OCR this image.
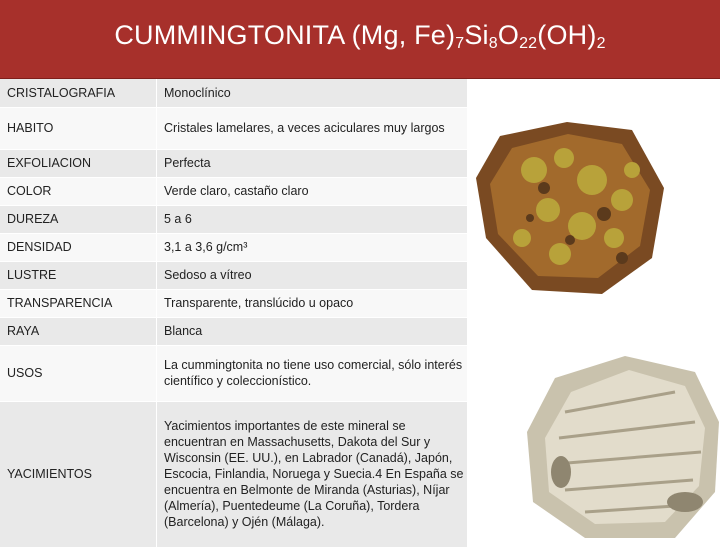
CUMMINGTONITA (Mg, Fe)7Si8O22(OH)2
CRISTALOGRAFIA	Monoclínico
HABITO	Cristales lamelares, a veces aciculares muy largos
EXFOLIACION	Perfecta
COLOR	Verde claro, castaño claro
DUREZA	5 a 6
DENSIDAD	3,1 a 3,6 g/cm³
LUSTRE	Sedoso a vítreo
TRANSPARENCIA	Transparente, translúcido u opaco
RAYA	Blanca
USOS	La cummingtonita no tiene uso comercial, sólo interés científico y coleccionístico.
YACIMIENTOS	Yacimientos importantes de este mineral se encuentran en Massachusetts, Dakota del Sur y Wisconsin (EE. UU.), en Labrador (Canadá), Japón, Escocia, Finlandia, Noruega y Suecia.4 En España se encuentra en Belmonte de Miranda (Asturias), Níjar (Almería), Puentedeume (La Coruña), Tordera (Barcelona) y Ojén (Málaga).
